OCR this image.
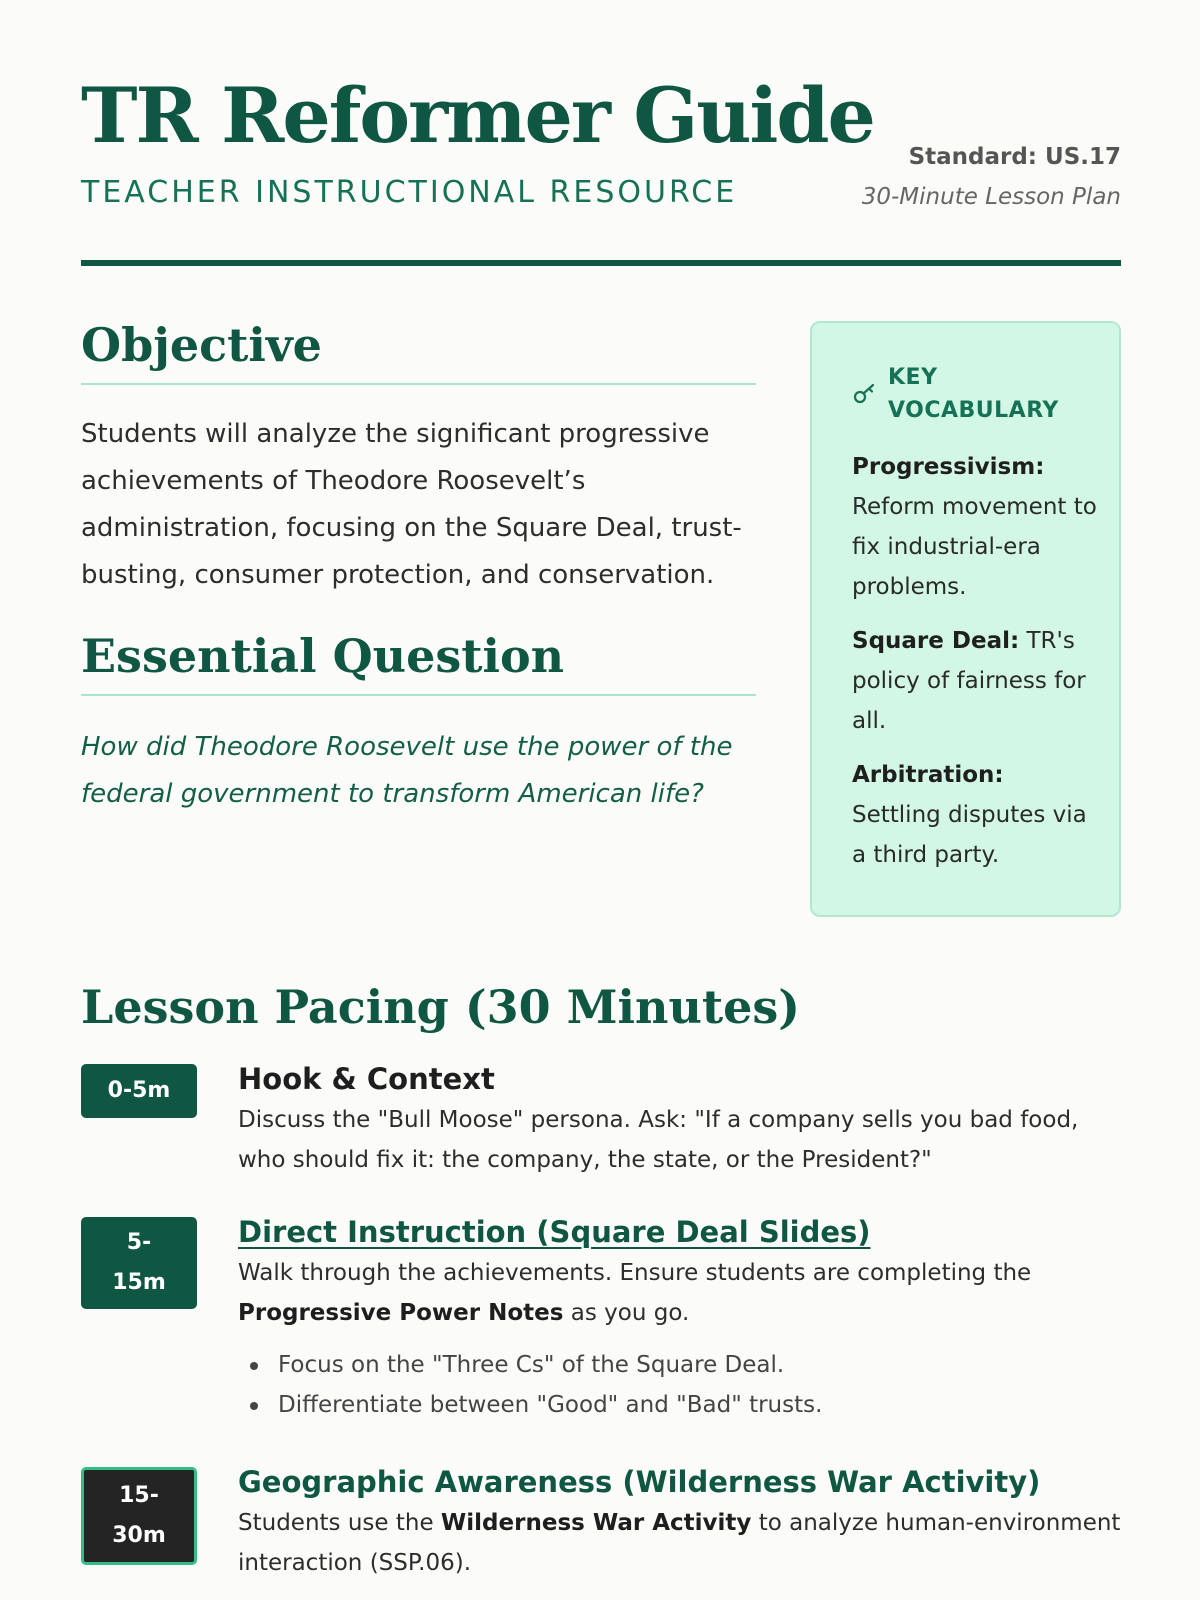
TR Reformer Guide
TEACHER INSTRUCTIONAL RESOURCE
Standard: US.17
30-Minute Lesson Plan
Objective

Students will analyze the significant progressive achievements of Theodore Roosevelt’s administration, focusing on the Square Deal, trust-busting, consumer protection, and conservation.

Essential Question

How did Theodore Roosevelt use the power of the federal government to transform American life?

KEY VOCABULARY

Progressivism: Reform movement to fix industrial-era problems.

Square Deal: TR's policy of fairness for all.

Arbitration: Settling disputes via a third party.

Lesson Pacing (30 Minutes)
0-5m	Hook & Context

Discuss the "Bull Moose" persona. Ask: "If a company sells you bad food, who should fix it: the company, the state, or the President?"

5-
15m
Direct Instruction (Square Deal Slides)

Walk through the achievements. Ensure students are completing the Progressive Power Notes as you go.

Focus on the "Three Cs" of the Square Deal.
Differentiate between "Good" and "Bad" trusts.
15-
30m
Geographic Awareness (Wilderness War Activity)

Students use the Wilderness War Activity to analyze human-environment interaction (SSP.06).
